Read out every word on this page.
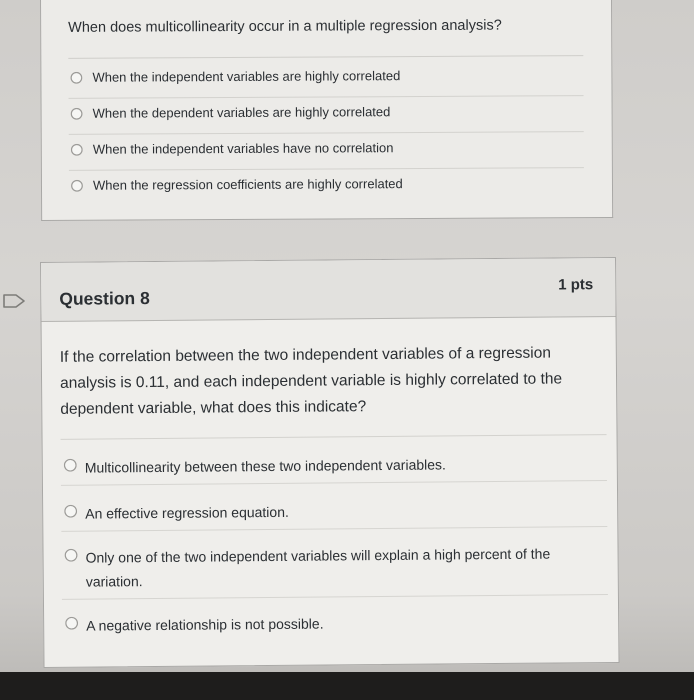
When does multicollinearity occur in a multiple regression analysis?
When the independent variables are highly correlated
When the dependent variables are highly correlated
When the independent variables have no correlation
When the regression coefficients are highly correlated
Question 8
1 pts
If the correlation between the two independent variables of a regression analysis is 0.11, and each independent variable is highly correlated to the dependent variable, what does this indicate?
Multicollinearity between these two independent variables.
An effective regression equation.
Only one of the two independent variables will explain a high percent of the variation.
A negative relationship is not possible.
